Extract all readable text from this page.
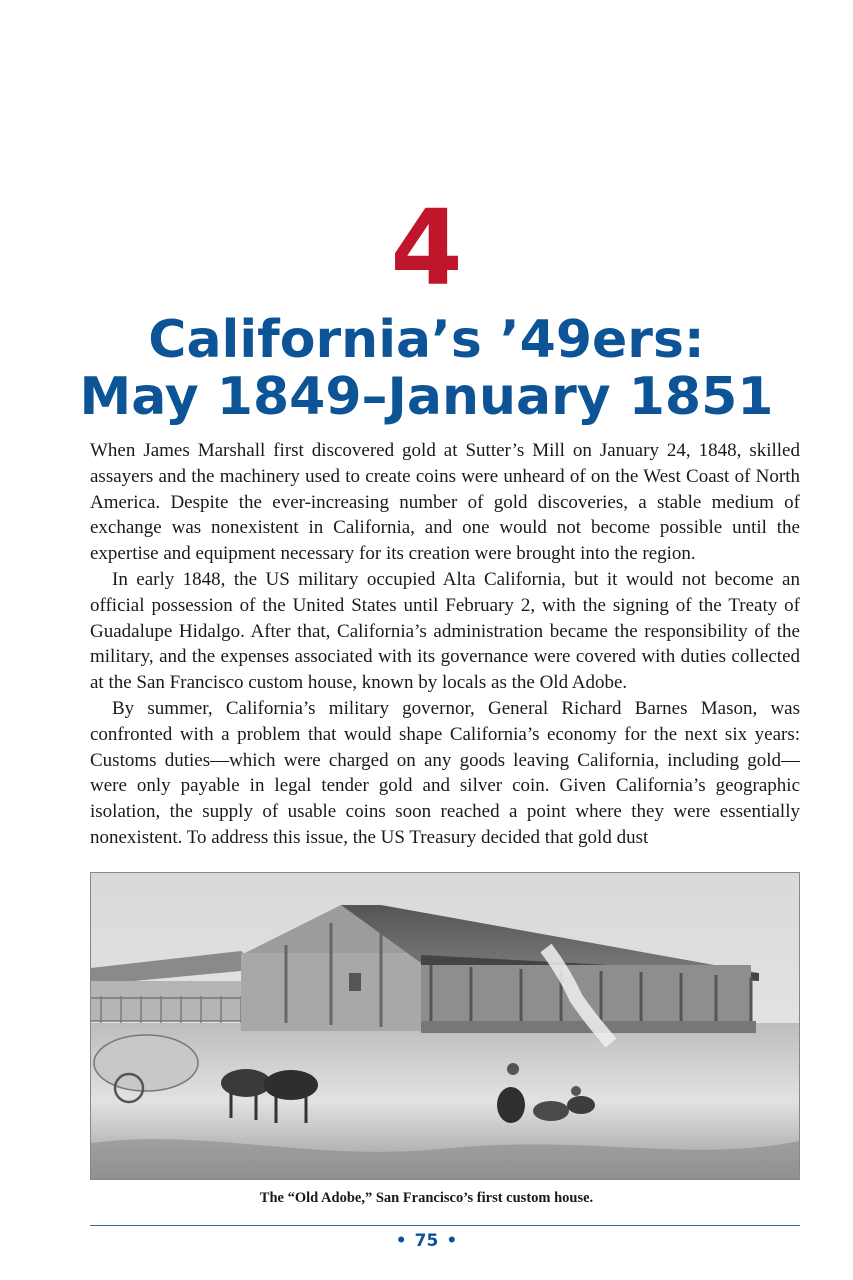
4
California’s ’49ers:
May 1849–January 1851

When James Marshall first discovered gold at Sutter’s Mill on January 24, 1848, skilled assayers and the machinery used to create coins were unheard of on the West Coast of North America. Despite the ever-increasing number of gold discoveries, a stable medium of exchange was nonexistent in California, and one would not become possible until the expertise and equipment necessary for its creation were brought into the region.

In early 1848, the US military occupied Alta California, but it would not become an official possession of the United States until February 2, with the signing of the Treaty of Guadalupe Hidalgo. After that, California’s administration became the responsibility of the military, and the expenses associated with its governance were covered with duties collected at the San Francisco custom house, known by locals as the Old Adobe.

By summer, California’s military governor, General Richard Barnes Mason, was confronted with a problem that would shape California’s economy for the next six years: Customs duties—which were charged on any goods leaving California, including gold—were only payable in legal tender gold and silver coin. Given California’s geographic isolation, the supply of usable coins soon reached a point where they were essentially nonexistent. To address this issue, the US Treasury decided that gold dust

The “Old Adobe,” San Francisco’s first custom house.
• 75 •
